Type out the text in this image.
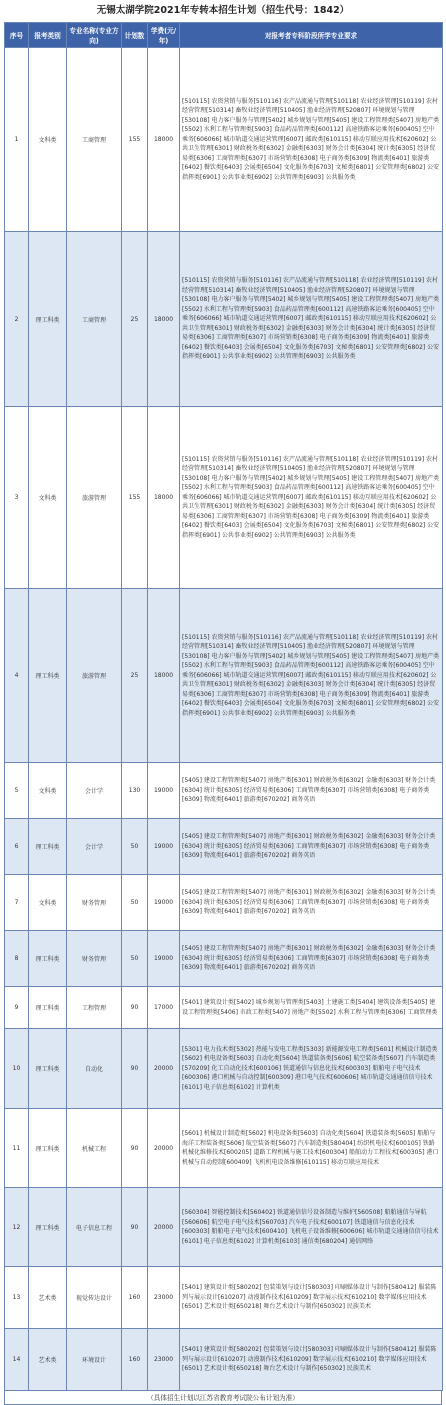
无锡太湖学院2021年专转本招生计划（招生代号：1842）
序号	报考类别	专业名称(专业方向)	计划数	学费(元/年)	对报考者专科阶段所学专业要求
1	文科类	工商管理	155	18000	[510115] 农资营销与服务[510116] 农产品流通与管理[510118] 农业经济管理[510119] 农村经营管理[510314] 畜牧业经济管理[510405] 渔业经济管理[520807] 环境规划与管理[530108] 电力客户服务与管理[5402] 城乡规划与管理[5405] 建设工程管理类[5407] 房地产类[5502] 水利工程与管理类[5903] 食品药品管理类[600112] 高速铁路客运乘务[600405] 空中乘务[606066] 城市轨道交通运营管理[6007] 邮政类[610115] 移动互联应用技术[620602] 公共卫生管理[6301] 财政税务类[6302] 金融类[6303] 财务会计类[6304] 统计类[6305] 经济贸易类[6306] 工商管理类[6307] 市场营销类[6308] 电子商务类[6309] 物流类[6401] 旅游类[6402] 餐饮类[6403] 会展类[6504] 文化服务类[6703] 文秘类[6801] 公安管理类[6802] 公安指挥类[6901] 公共事业类[6902] 公共管理类[6903] 公共服务类
2	理工科类	工商管理	25	18000	[510115] 农资营销与服务[510116] 农产品流通与管理[510118] 农业经济管理[510119] 农村经营管理[510314] 畜牧业经济管理[510405] 渔业经济管理[520807] 环境规划与管理[530108] 电力客户服务与管理[5402] 城乡规划与管理[5405] 建设工程管理类[5407] 房地产类[5502] 水利工程与管理类[5903] 食品药品管理类[600112] 高速铁路客运乘务[600405] 空中乘务[606066] 城市轨道交通运营管理[6007] 邮政类[610115] 移动互联应用技术[620602] 公共卫生管理[6301] 财政税务类[6302] 金融类[6303] 财务会计类[6304] 统计类[6305] 经济贸易类[6306] 工商管理类[6307] 市场营销类[6308] 电子商务类[6309] 物流类[6401] 旅游类[6402] 餐饮类[6403] 会展类[6504] 文化服务类[6703] 文秘类[6801] 公安管理类[6802] 公安指挥类[6901] 公共事业类[6902] 公共管理类[6903] 公共服务类
3	文科类	旅游管理	155	18000	[510115] 农资营销与服务[510116] 农产品流通与管理[510118] 农业经济管理[510119] 农村经营管理[510314] 畜牧业经济管理[510405] 渔业经济管理[520807] 环境规划与管理[530108] 电力客户服务与管理[5402] 城乡规划与管理[5405] 建设工程管理类[5407] 房地产类[5502] 水利工程与管理类[5903] 食品药品管理类[600112] 高速铁路客运乘务[600405] 空中乘务[606066] 城市轨道交通运营管理[6007] 邮政类[610115] 移动互联应用技术[620602] 公共卫生管理[6301] 财政税务类[6302] 金融类[6303] 财务会计类[6304] 统计类[6305] 经济贸易类[6306] 工商管理类[6307] 市场营销类[6308] 电子商务类[6309] 物流类[6401] 旅游类[6402] 餐饮类[6403] 会展类[6504] 文化服务类[6703] 文秘类[6801] 公安管理类[6802] 公安指挥类[6901] 公共事业类[6902] 公共管理类[6903] 公共服务类
4	理工科类	旅游管理	25	18000	[510115] 农资营销与服务[510116] 农产品流通与管理[510118] 农业经济管理[510119] 农村经营管理[510314] 畜牧业经济管理[510405] 渔业经济管理[520807] 环境规划与管理[530108] 电力客户服务与管理[5402] 城乡规划与管理[5405] 建设工程管理类[5407] 房地产类[5502] 水利工程与管理类[5903] 食品药品管理类[600112] 高速铁路客运乘务[600405] 空中乘务[606066] 城市轨道交通运营管理[6007] 邮政类[610115] 移动互联应用技术[620602] 公共卫生管理[6301] 财政税务类[6302] 金融类[6303] 财务会计类[6304] 统计类[6305] 经济贸易类[6306] 工商管理类[6307] 市场营销类[6308] 电子商务类[6309] 物流类[6401] 旅游类[6402] 餐饮类[6403] 会展类[6504] 文化服务类[6703] 文秘类[6801] 公安管理类[6802] 公安指挥类[6901] 公共事业类[6902] 公共管理类[6903] 公共服务类
5	文科类	会计学	130	19000	[5405] 建设工程管理类[5407] 房地产类[6301] 财政税务类[6302] 金融类[6303] 财务会计类[6304] 统计类[6305] 经济贸易类[6306] 工商管理类[6307] 市场营销类[6308] 电子商务类[6309] 物流类[6401] 旅游类[670202] 商务英语
6	理工科类	会计学	50	19000	[5405] 建设工程管理类[5407] 房地产类[6301] 财政税务类[6302] 金融类[6303] 财务会计类[6304] 统计类[6305] 经济贸易类[6306] 工商管理类[6307] 市场营销类[6308] 电子商务类[6309] 物流类[6401] 旅游类[670202] 商务英语
7	文科类	财务管理	50	19000	[5405] 建设工程管理类[5407] 房地产类[6301] 财政税务类[6302] 金融类[6303] 财务会计类[6304] 统计类[6305] 经济贸易类[6306] 工商管理类[6307] 市场营销类[6308] 电子商务类[6309] 物流类[6401] 旅游类[670202] 商务英语
8	理工科类	财务管理	50	19000	[5405] 建设工程管理类[5407] 房地产类[6301] 财政税务类[6302] 金融类[6303] 财务会计类[6304] 统计类[6305] 经济贸易类[6306] 工商管理类[6307] 市场营销类[6308] 电子商务类[6309] 物流类[6401] 旅游类[670202] 商务英语
9	理工科类	工程管理	90	17000	[5401] 建筑设计类[5402] 城乡规划与管理类[5403] 土建施工类[5404] 建筑设备类[5405] 建设工程管理类[5406] 市政工程类[5407] 房地产类[5502] 水利工程与管理类[6306] 工商管理类
10	理工科类	自动化	90	20000	[5301] 电力技术类[5302] 热能与发电工程类[5303] 新能源发电工程类[5601] 机械设计制造类[5602] 机电设备类[5603] 自动化类[5604] 铁道装备类[5606] 航空装备类[5607] 汽车制造类[570209] 化工自动化技术[600106] 铁道通信与信息化技术[600303] 船舶电子电气技术[600306] 港口机械与自动控制[600309] 港口电气技术[600606] 城市轨道交通通信信号技术[6101] 电子信息类[6102] 计算机类
11	理工科类	机械工程	90	20000	[5601] 机械设计制造类[5602] 机电设备类[5603] 自动化类[5604] 铁道装备类[5605] 船舶与海洋工程装备类[5606] 航空装备类[5607] 汽车制造类[580404] 纺织机电技术[600105] 铁路机械化维修技术[600205] 道路工程机械与施工技术[600304] 船舶动力工程技术[600305] 港口机械与自动控制[600409] 飞机机电设备维修[610115] 移动互联应用技术
12	理工科类	电子信息工程	90	20000	[560304] 智能控制技术[560402] 铁道通信信号设备制造与维护[560508] 船舶通信与导航[560606] 航空电子电气技术[560703] 汽车电子技术[600107] 铁道通信与信息化技术[600303] 船舶电子电气技术[600410] 飞机电子设备维修[600606] 城市轨道交通通信信号技术[6101] 电子信息类[6102] 计算机类[6103] 通信类[680204] 通信网络
13	艺术类	视觉传达设计	160	23000	[5401] 建筑设计类[580202] 包装策划与设计[580303] 印刷媒体设计与制作[580412] 服装陈列与展示设计[610207] 动漫制作技术[610209] 数字展示技术[610210] 数字媒体应用技术[6501] 艺术设计类[650218] 舞台艺术设计与制作[650302] 民族美术
14	艺术类	环境设计	160	23000	[5401] 建筑设计类[580202] 包装策划与设计[580303] 印刷媒体设计与制作[580412] 服装陈列与展示设计[610207] 动漫制作技术[610209] 数字展示技术[610210] 数字媒体应用技术[6501] 艺术设计类[650218] 舞台艺术设计与制作[650302] 民族美术
（具体招生计划以江苏省教育考试院公布计划为准）
